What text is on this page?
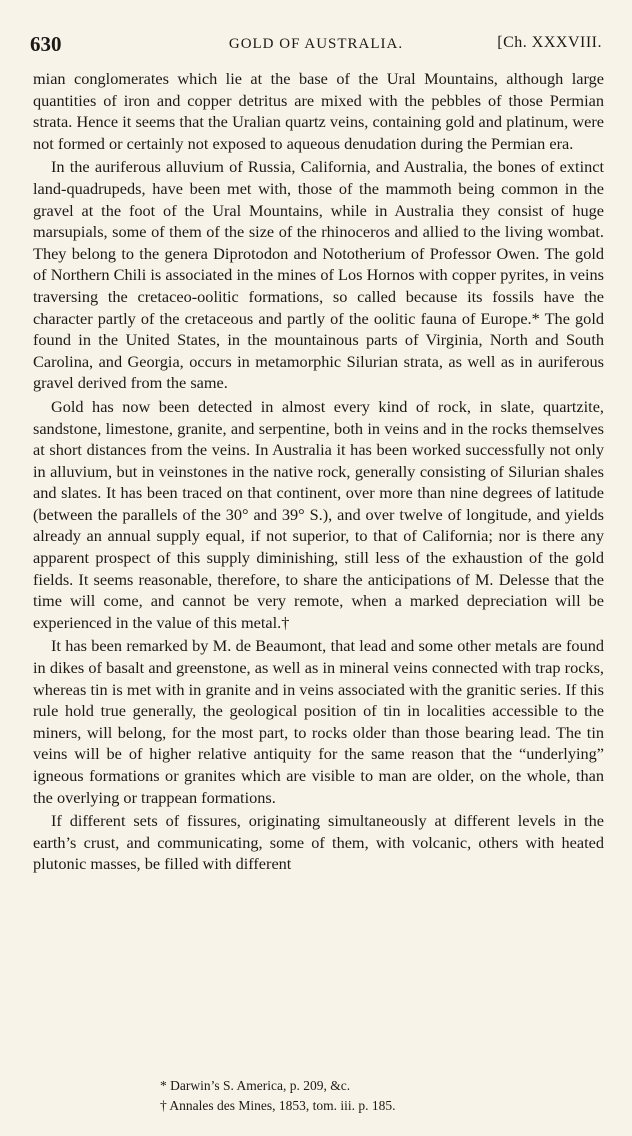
630	GOLD OF AUSTRALIA.	[Ch. XXXVIII.

mian conglomerates which lie at the base of the Ural Mountains, although large quantities of iron and copper detritus are mixed with the pebbles of those Permian strata. Hence it seems that the Uralian quartz veins, containing gold and platinum, were not formed or certainly not exposed to aqueous denudation during the Permian era.

In the auriferous alluvium of Russia, California, and Australia, the bones of extinct land-quadrupeds, have been met with, those of the mammoth being common in the gravel at the foot of the Ural Mountains, while in Australia they consist of huge marsupials, some of them of the size of the rhinoceros and allied to the living wombat. They belong to the genera Diprotodon and Nototherium of Professor Owen. The gold of Northern Chili is associated in the mines of Los Hornos with copper pyrites, in veins traversing the cretaceo-oolitic formations, so called because its fossils have the character partly of the cretaceous and partly of the oolitic fauna of Europe.* The gold found in the United States, in the mountainous parts of Virginia, North and South Carolina, and Georgia, occurs in metamorphic Silurian strata, as well as in auriferous gravel derived from the same.

Gold has now been detected in almost every kind of rock, in slate, quartzite, sandstone, limestone, granite, and serpentine, both in veins and in the rocks themselves at short distances from the veins. In Australia it has been worked successfully not only in alluvium, but in veinstones in the native rock, generally consisting of Silurian shales and slates. It has been traced on that continent, over more than nine degrees of latitude (between the parallels of the 30° and 39° S.), and over twelve of longitude, and yields already an annual supply equal, if not superior, to that of California; nor is there any apparent prospect of this supply diminishing, still less of the exhaustion of the gold fields. It seems reasonable, therefore, to share the anticipations of M. Delesse that the time will come, and cannot be very remote, when a marked depreciation will be experienced in the value of this metal.†

It has been remarked by M. de Beaumont, that lead and some other metals are found in dikes of basalt and greenstone, as well as in mineral veins connected with trap rocks, whereas tin is met with in granite and in veins associated with the granitic series. If this rule hold true generally, the geological position of tin in localities accessible to the miners, will belong, for the most part, to rocks older than those bearing lead. The tin veins will be of higher relative antiquity for the same reason that the “underlying” igneous formations or granites which are visible to man are older, on the whole, than the overlying or trappean formations.

If different sets of fissures, originating simultaneously at different levels in the earth’s crust, and communicating, some of them, with volcanic, others with heated plutonic masses, be filled with different

* Darwin’s S. America, p. 209, &c.

† Annales des Mines, 1853, tom. iii. p. 185.
